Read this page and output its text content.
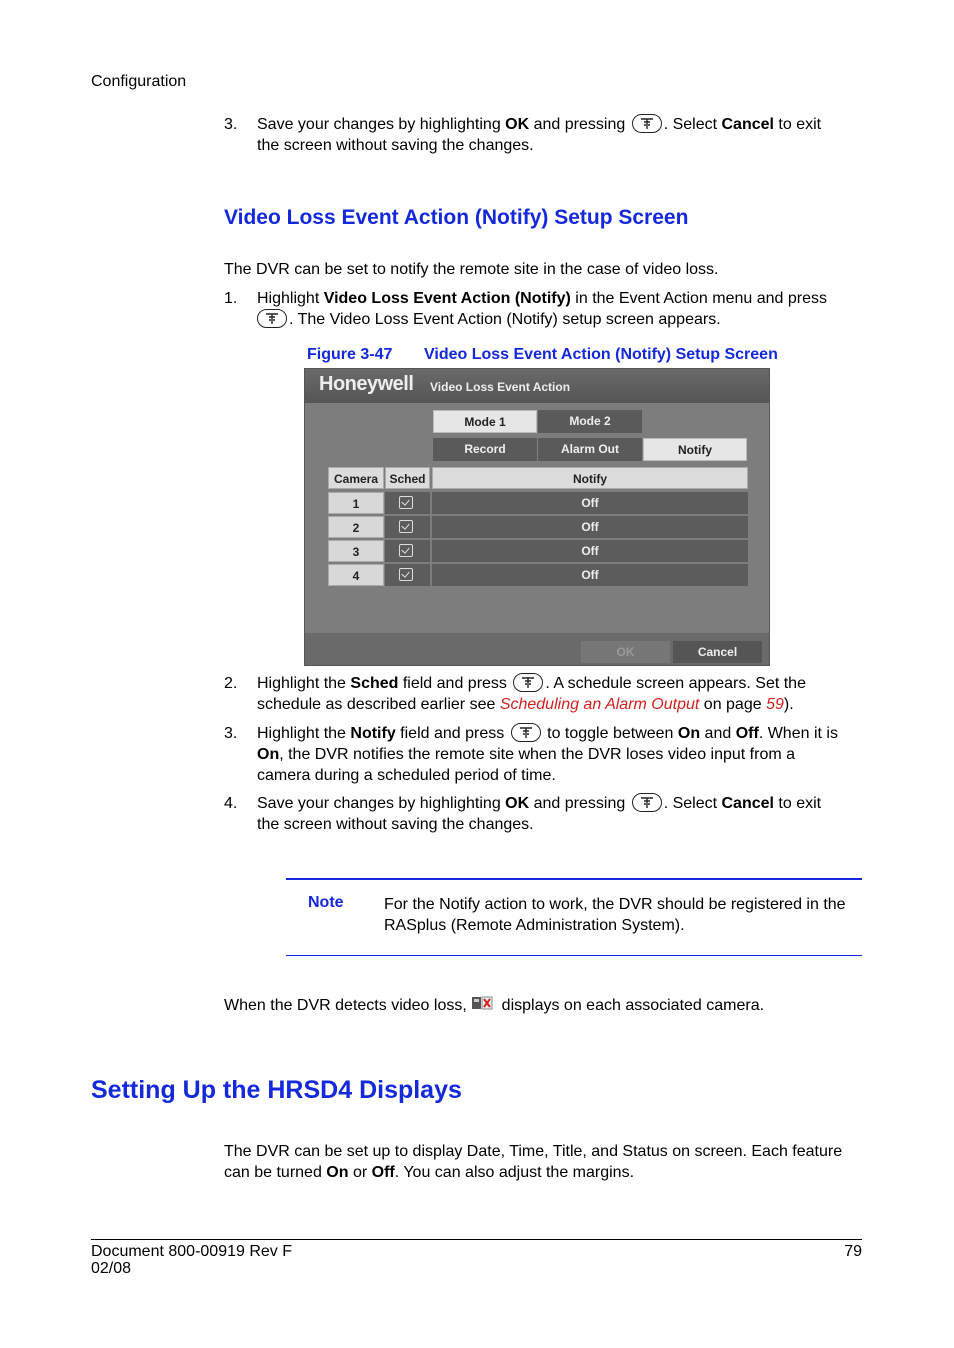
Configuration
3. Save your changes by highlighting OK and pressing
. Select Cancel to exit
the screen without saving the changes.
Video Loss Event Action (Notify) Setup Screen
The DVR can be set to notify the remote site in the case of video loss.
1. Highlight Video Loss Event Action (Notify) in the Event Action menu and press

. The Video Loss Event Action (Notify) setup screen appears.
Figure 3-47 Video Loss Event Action (Notify) Setup Screen
Honeywell Video Loss Event Action
Mode 1	Mode 2
Record	Alarm Out	Notify
Camera Sched	Notify
1	Off
2	Off
3	Off
4	Off
OK	Cancel
2. Highlight the Sched field and press
. A schedule screen appears. Set the
schedule as described earlier see Scheduling an Alarm Output on page 59).
3. Highlight the Notify field and press
to toggle between On and Off. When it is
On, the DVR notifies the remote site when the DVR loses video input from a
camera during a scheduled period of time.
4. Save your changes by highlighting OK and pressing
. Select Cancel to exit
the screen without saving the changes.
Note	For the Notify action to work, the DVR should be registered in the
RASplus (Remote Administration System).
When the DVR detects video loss,  displays on each associated camera.
Setting Up the HRSD4 Displays
The DVR can be set up to display Date, Time, Title, and Status on screen. Each feature
can be turned On or Off. You can also adjust the margins.
Document 800-00919 Rev F
02/08
79
